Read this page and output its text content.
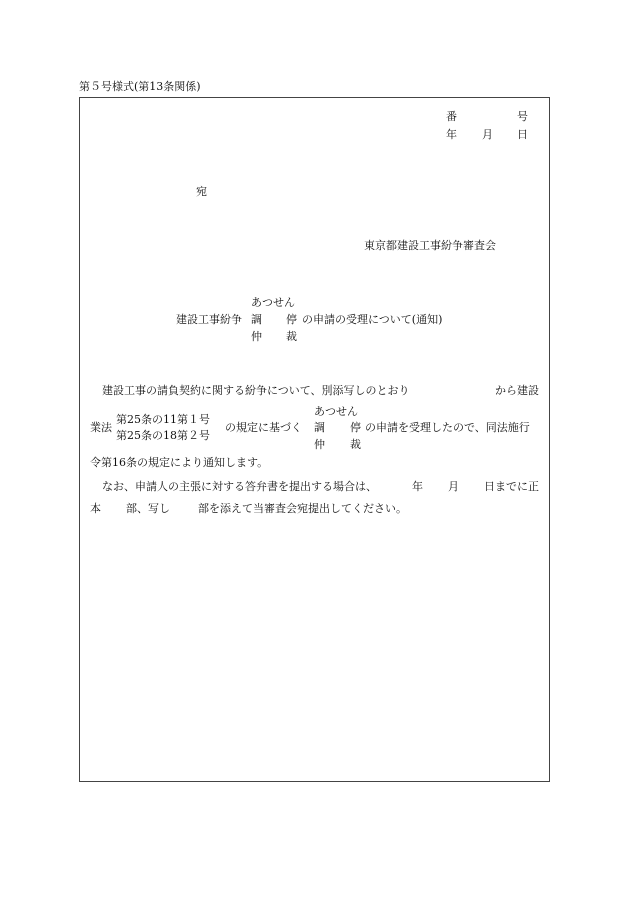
第５号様式(第13条関係)
番	号
年 月 日
宛
東京都建設工事紛争審査会
あつせん
建設工事紛争 調 停 の申請の受理について(通知)
仲 裁
建設工事の請負契約に関する紛争について、別添写しのとおり	から建設
あつせん
第25条の11第１号
業法	の規定に基づく 調 停 の申請を受理したので、同法施行
第25条の18第２号
仲 裁
令第16条の規定により通知します。
なお、申請人の主張に対する答弁書を提出する場合は、	年 月 日までに正
本 部、写し	部を添えて当審査会宛提出してください。
